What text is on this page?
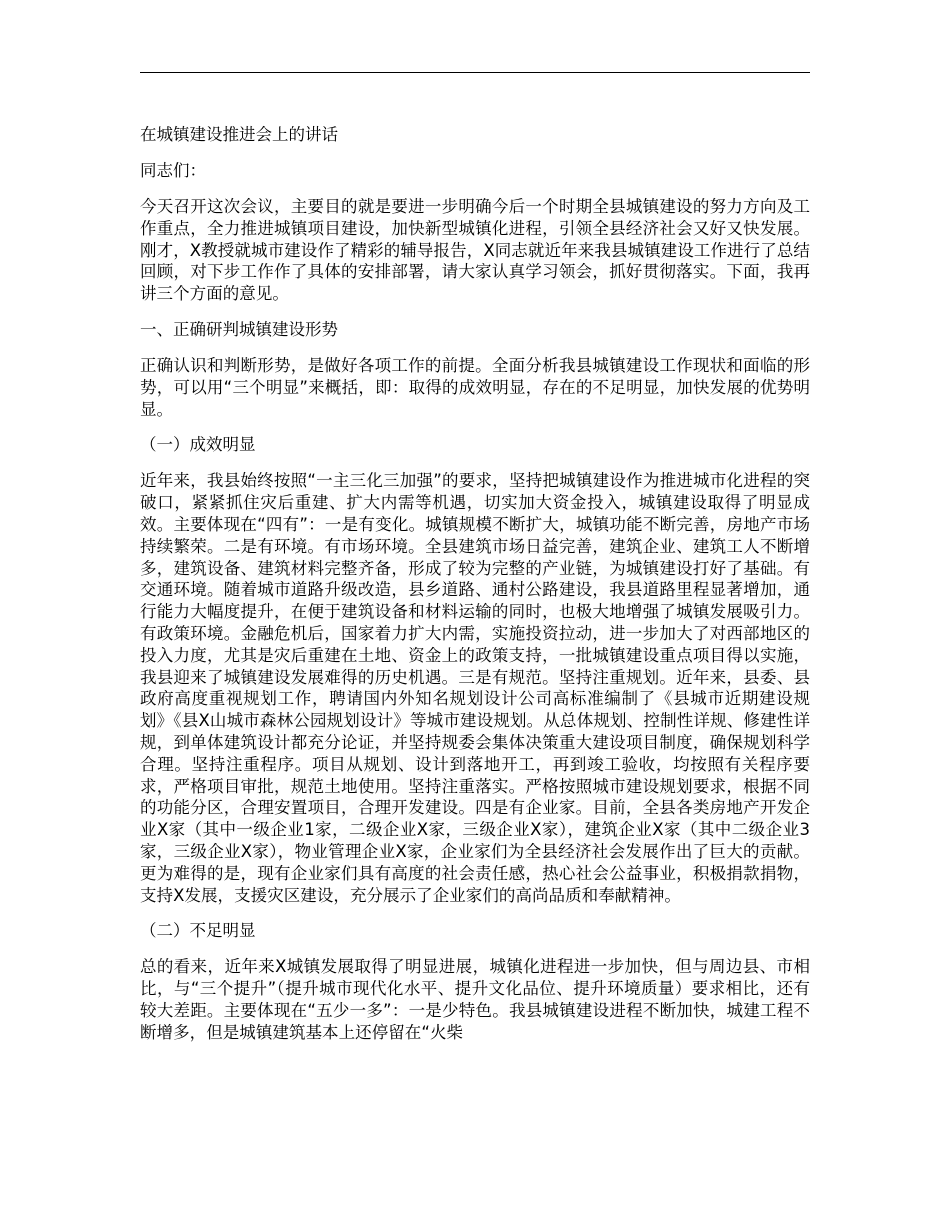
在城镇建设推进会上的讲话

同志们：

今天召开这次会议，主要目的就是要进一步明确今后一个时期全县城镇建设的努力方向及工作重点，全力推进城镇项目建设，加快新型城镇化进程，引领全县经济社会又好又快发展。刚才，X教授就城市建设作了精彩的辅导报告，X同志就近年来我县城镇建设工作进行了总结回顾，对下步工作作了具体的安排部署，请大家认真学习领会，抓好贯彻落实。下面，我再讲三个方面的意见。

一、正确研判城镇建设形势

正确认识和判断形势，是做好各项工作的前提。全面分析我县城镇建设工作现状和面临的形势，可以用“三个明显”来概括，即：取得的成效明显，存在的不足明显，加快发展的优势明显。

（一）成效明显

近年来，我县始终按照“一主三化三加强”的要求，坚持把城镇建设作为推进城市化进程的突破口，紧紧抓住灾后重建、扩大内需等机遇，切实加大资金投入，城镇建设取得了明显成效。主要体现在“四有”：一是有变化。城镇规模不断扩大，城镇功能不断完善，房地产市场持续繁荣。二是有环境。有市场环境。全县建筑市场日益完善，建筑企业、建筑工人不断增多，建筑设备、建筑材料完整齐备，形成了较为完整的产业链，为城镇建设打好了基础。有交通环境。随着城市道路升级改造，县乡道路、通村公路建设，我县道路里程显著增加，通行能力大幅度提升，在便于建筑设备和材料运输的同时，也极大地增强了城镇发展吸引力。有政策环境。金融危机后，国家着力扩大内需，实施投资拉动，进一步加大了对西部地区的投入力度，尤其是灾后重建在土地、资金上的政策支持，一批城镇建设重点项目得以实施，我县迎来了城镇建设发展难得的历史机遇。三是有规范。坚持注重规划。近年来，县委、县政府高度重视规划工作，聘请国内外知名规划设计公司高标准编制了《县城市近期建设规划》《县X山城市森林公园规划设计》等城市建设规划。从总体规划、控制性详规、修建性详规，到单体建筑设计都充分论证，并坚持规委会集体决策重大建设项目制度，确保规划科学合理。坚持注重程序。项目从规划、设计到落地开工，再到竣工验收，均按照有关程序要求，严格项目审批，规范土地使用。坚持注重落实。严格按照城市建设规划要求，根据不同的功能分区，合理安置项目，合理开发建设。四是有企业家。目前，全县各类房地产开发企业X家（其中一级企业1家，二级企业X家，三级企业X家），建筑企业X家（其中二级企业3家，三级企业X家），物业管理企业X家，企业家们为全县经济社会发展作出了巨大的贡献。更为难得的是，现有企业家们具有高度的社会责任感，热心社会公益事业，积极捐款捐物，支持X发展，支援灾区建设，充分展示了企业家们的高尚品质和奉献精神。

（二）不足明显

总的看来，近年来X城镇发展取得了明显进展，城镇化进程进一步加快，但与周边县、市相比，与“三个提升”（提升城市现代化水平、提升文化品位、提升环境质量）要求相比，还有较大差距。主要体现在“五少一多”：一是少特色。我县城镇建设进程不断加快，城建工程不断增多，但是城镇建筑基本上还停留在“火柴
